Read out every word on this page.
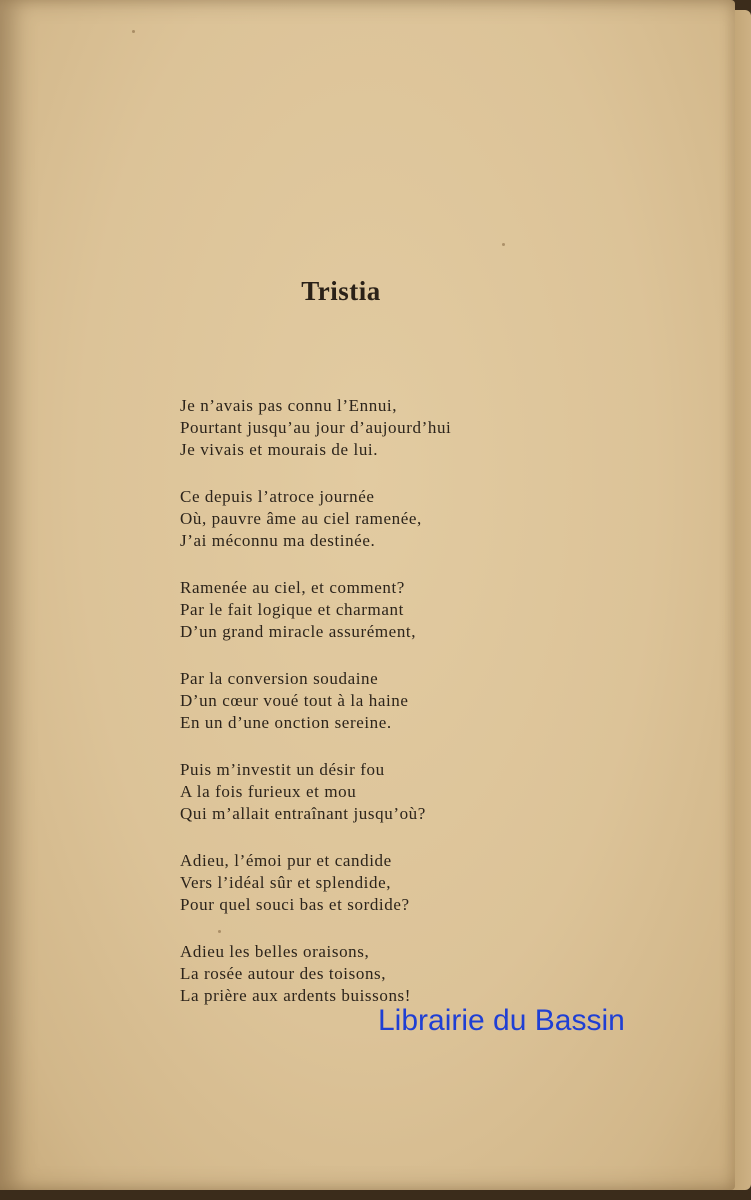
Tristia
Je n’avais pas connu l’Ennui,
Pourtant jusqu’au jour d’aujourd’hui
Je vivais et mourais de lui.
Ce depuis l’atroce journée
Où, pauvre âme au ciel ramenée,
J’ai méconnu ma destinée.
Ramenée au ciel, et comment?
Par le fait logique et charmant
D’un grand miracle assurément,
Par la conversion soudaine
D’un cœur voué tout à la haine
En un d’une onction sereine.
Puis m’investit un désir fou
A la fois furieux et mou
Qui m’allait entraînant jusqu’où?
Adieu, l’émoi pur et candide
Vers l’idéal sûr et splendide,
Pour quel souci bas et sordide?
Adieu les belles oraisons,
La rosée autour des toisons,
La prière aux ardents buissons!
Librairie du Bassin
